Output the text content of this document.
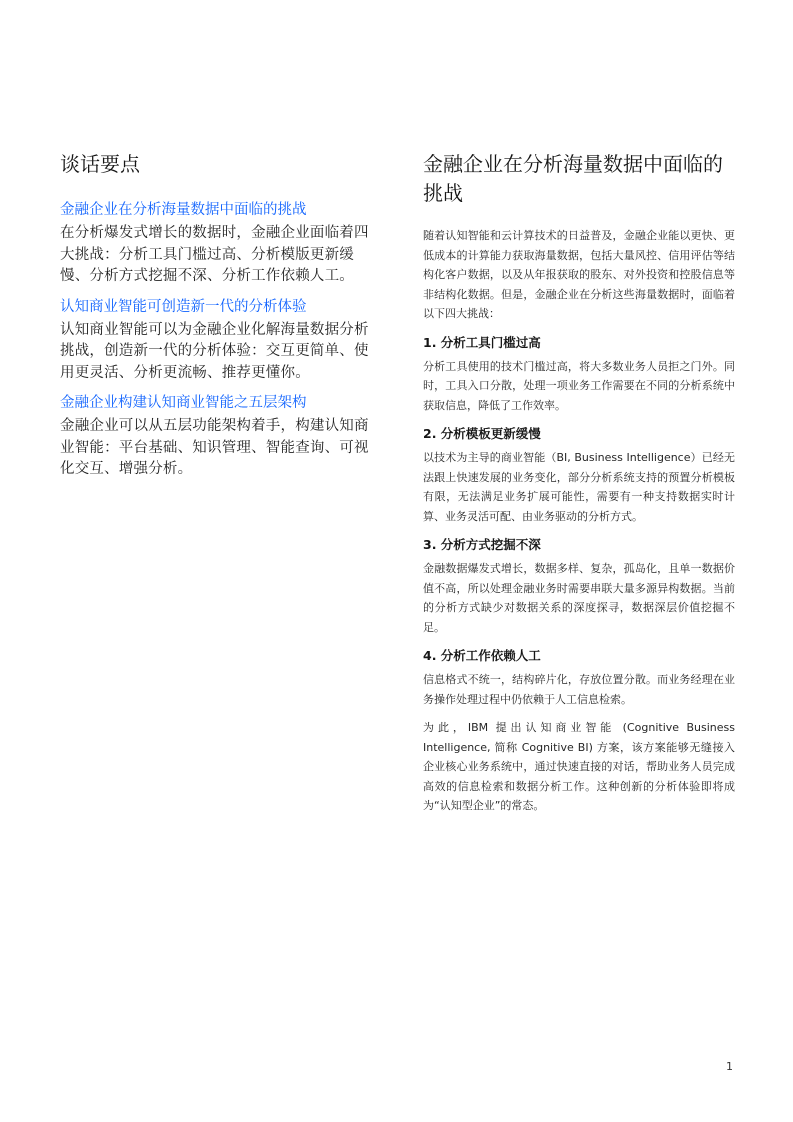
谈话要点
金融企业在分析海量数据中面临的挑战

在分析爆发式增长的数据时，金融企业面临着四大挑战：分析工具门槛过高、分析模版更新缓慢、分析方式挖掘不深、分析工作依赖人工。

认知商业智能可创造新一代的分析体验

认知商业智能可以为金融企业化解海量数据分析挑战，创造新一代的分析体验：交互更简单、使用更灵活、分析更流畅、推荐更懂你。

金融企业构建认知商业智能之五层架构

金融企业可以从五层功能架构着手，构建认知商业智能：平台基础、知识管理、智能查询、可视化交互、增强分析。

金融企业在分析海量数据中面临的挑战

随着认知智能和云计算技术的日益普及，金融企业能以更快、更低成本的计算能力获取海量数据，包括大量风控、信用评估等结构化客户数据，以及从年报获取的股东、对外投资和控股信息等非结构化数据。但是，金融企业在分析这些海量数据时，面临着以下四大挑战：

1. 分析工具门槛过高

分析工具使用的技术门槛过高，将大多数业务人员拒之门外。同时，工具入口分散，处理一项业务工作需要在不同的分析系统中获取信息，降低了工作效率。

2. 分析模板更新缓慢

以技术为主导的商业智能（BI, Business Intelligence）已经无法跟上快速发展的业务变化，部分分析系统支持的预置分析模板有限，无法满足业务扩展可能性，需要有一种支持数据实时计算、业务灵活可配、由业务驱动的分析方式。

3. 分析方式挖掘不深

金融数据爆发式增长，数据多样、复杂，孤岛化，且单一数据价值不高，所以处理金融业务时需要串联大量多源异构数据。当前的分析方式缺少对数据关系的深度探寻，数据深层价值挖掘不足。

4. 分析工作依赖人工

信息格式不统一，结构碎片化，存放位置分散。而业务经理在业务操作处理过程中仍依赖于人工信息检索。

为此，IBM 提出认知商业智能 (Cognitive Business Intelligence, 简称 Cognitive BI) 方案，该方案能够无缝接入企业核心业务系统中，通过快速直接的对话，帮助业务人员完成高效的信息检索和数据分析工作。这种创新的分析体验即将成为“认知型企业”的常态。

1
